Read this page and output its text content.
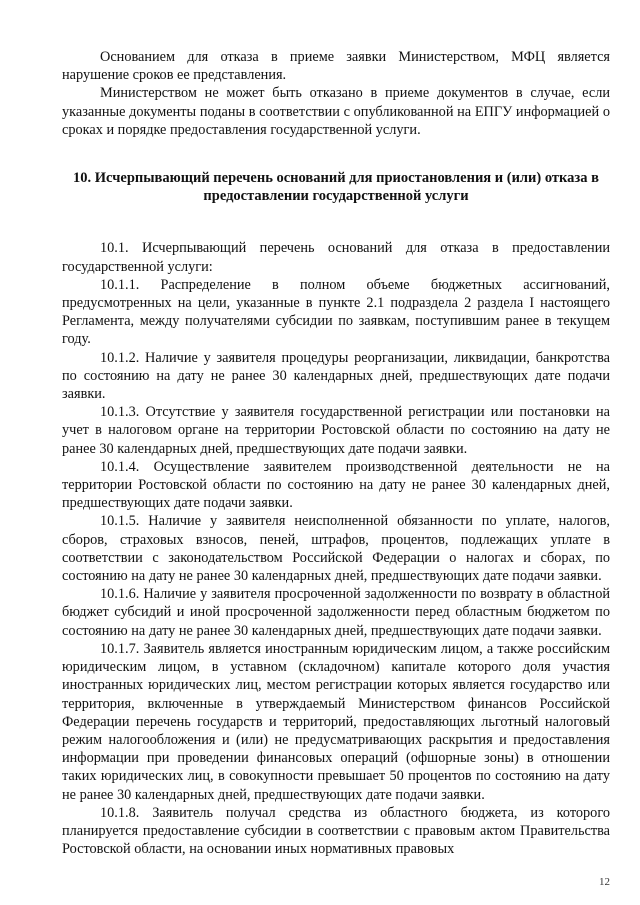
Основанием для отказа в приеме заявки Министерством, МФЦ является нарушение сроков ее представления.

Министерством не может быть отказано в приеме документов в случае, если указанные документы поданы в соответствии с опубликованной на ЕПГУ информацией о сроках и порядке предоставления государственной услуги.

10. Исчерпывающий перечень оснований для приостановления и (или) отказа в предоставлении государственной услуги

10.1. Исчерпывающий перечень оснований для отказа в предоставлении государственной услуги:

10.1.1. Распределение в полном объеме бюджетных ассигнований, предусмотренных на цели, указанные в пункте 2.1 подраздела 2 раздела I настоящего Регламента, между получателями субсидии по заявкам, поступившим ранее в текущем году.

10.1.2. Наличие у заявителя процедуры реорганизации, ликвидации, банкротства по состоянию на дату не ранее 30 календарных дней, предшествующих дате подачи заявки.

10.1.3. Отсутствие у заявителя государственной регистрации или постановки на учет в налоговом органе на территории Ростовской области по состоянию на дату не ранее 30 календарных дней, предшествующих дате подачи заявки.

10.1.4. Осуществление заявителем производственной деятельности не на территории Ростовской области по состоянию на дату не ранее 30 календарных дней, предшествующих дате подачи заявки.

10.1.5. Наличие у заявителя неисполненной обязанности по уплате, налогов, сборов, страховых взносов, пеней, штрафов, процентов, подлежащих уплате в соответствии с законодательством Российской Федерации о налогах и сборах, по состоянию на дату не ранее 30 календарных дней, предшествующих дате подачи заявки.

10.1.6. Наличие у заявителя просроченной задолженности по возврату в областной бюджет субсидий и иной просроченной задолженности перед областным бюджетом по состоянию на дату не ранее 30 календарных дней, предшествующих дате подачи заявки.

10.1.7. Заявитель является иностранным юридическим лицом, а также российским юридическим лицом, в уставном (складочном) капитале которого доля участия иностранных юридических лиц, местом регистрации которых является государство или территория, включенные в утверждаемый Министерством финансов Российской Федерации перечень государств и территорий, предоставляющих льготный налоговый режим налогообложения и (или) не предусматривающих раскрытия и предоставления информации при проведении финансовых операций (офшорные зоны) в отношении таких юридических лиц, в совокупности превышает 50 процентов по состоянию на дату не ранее 30 календарных дней, предшествующих дате подачи заявки.

10.1.8. Заявитель получал средства из областного бюджета, из которого планируется предоставление субсидии в соответствии с правовым актом Правительства Ростовской области, на основании иных нормативных правовых

12
